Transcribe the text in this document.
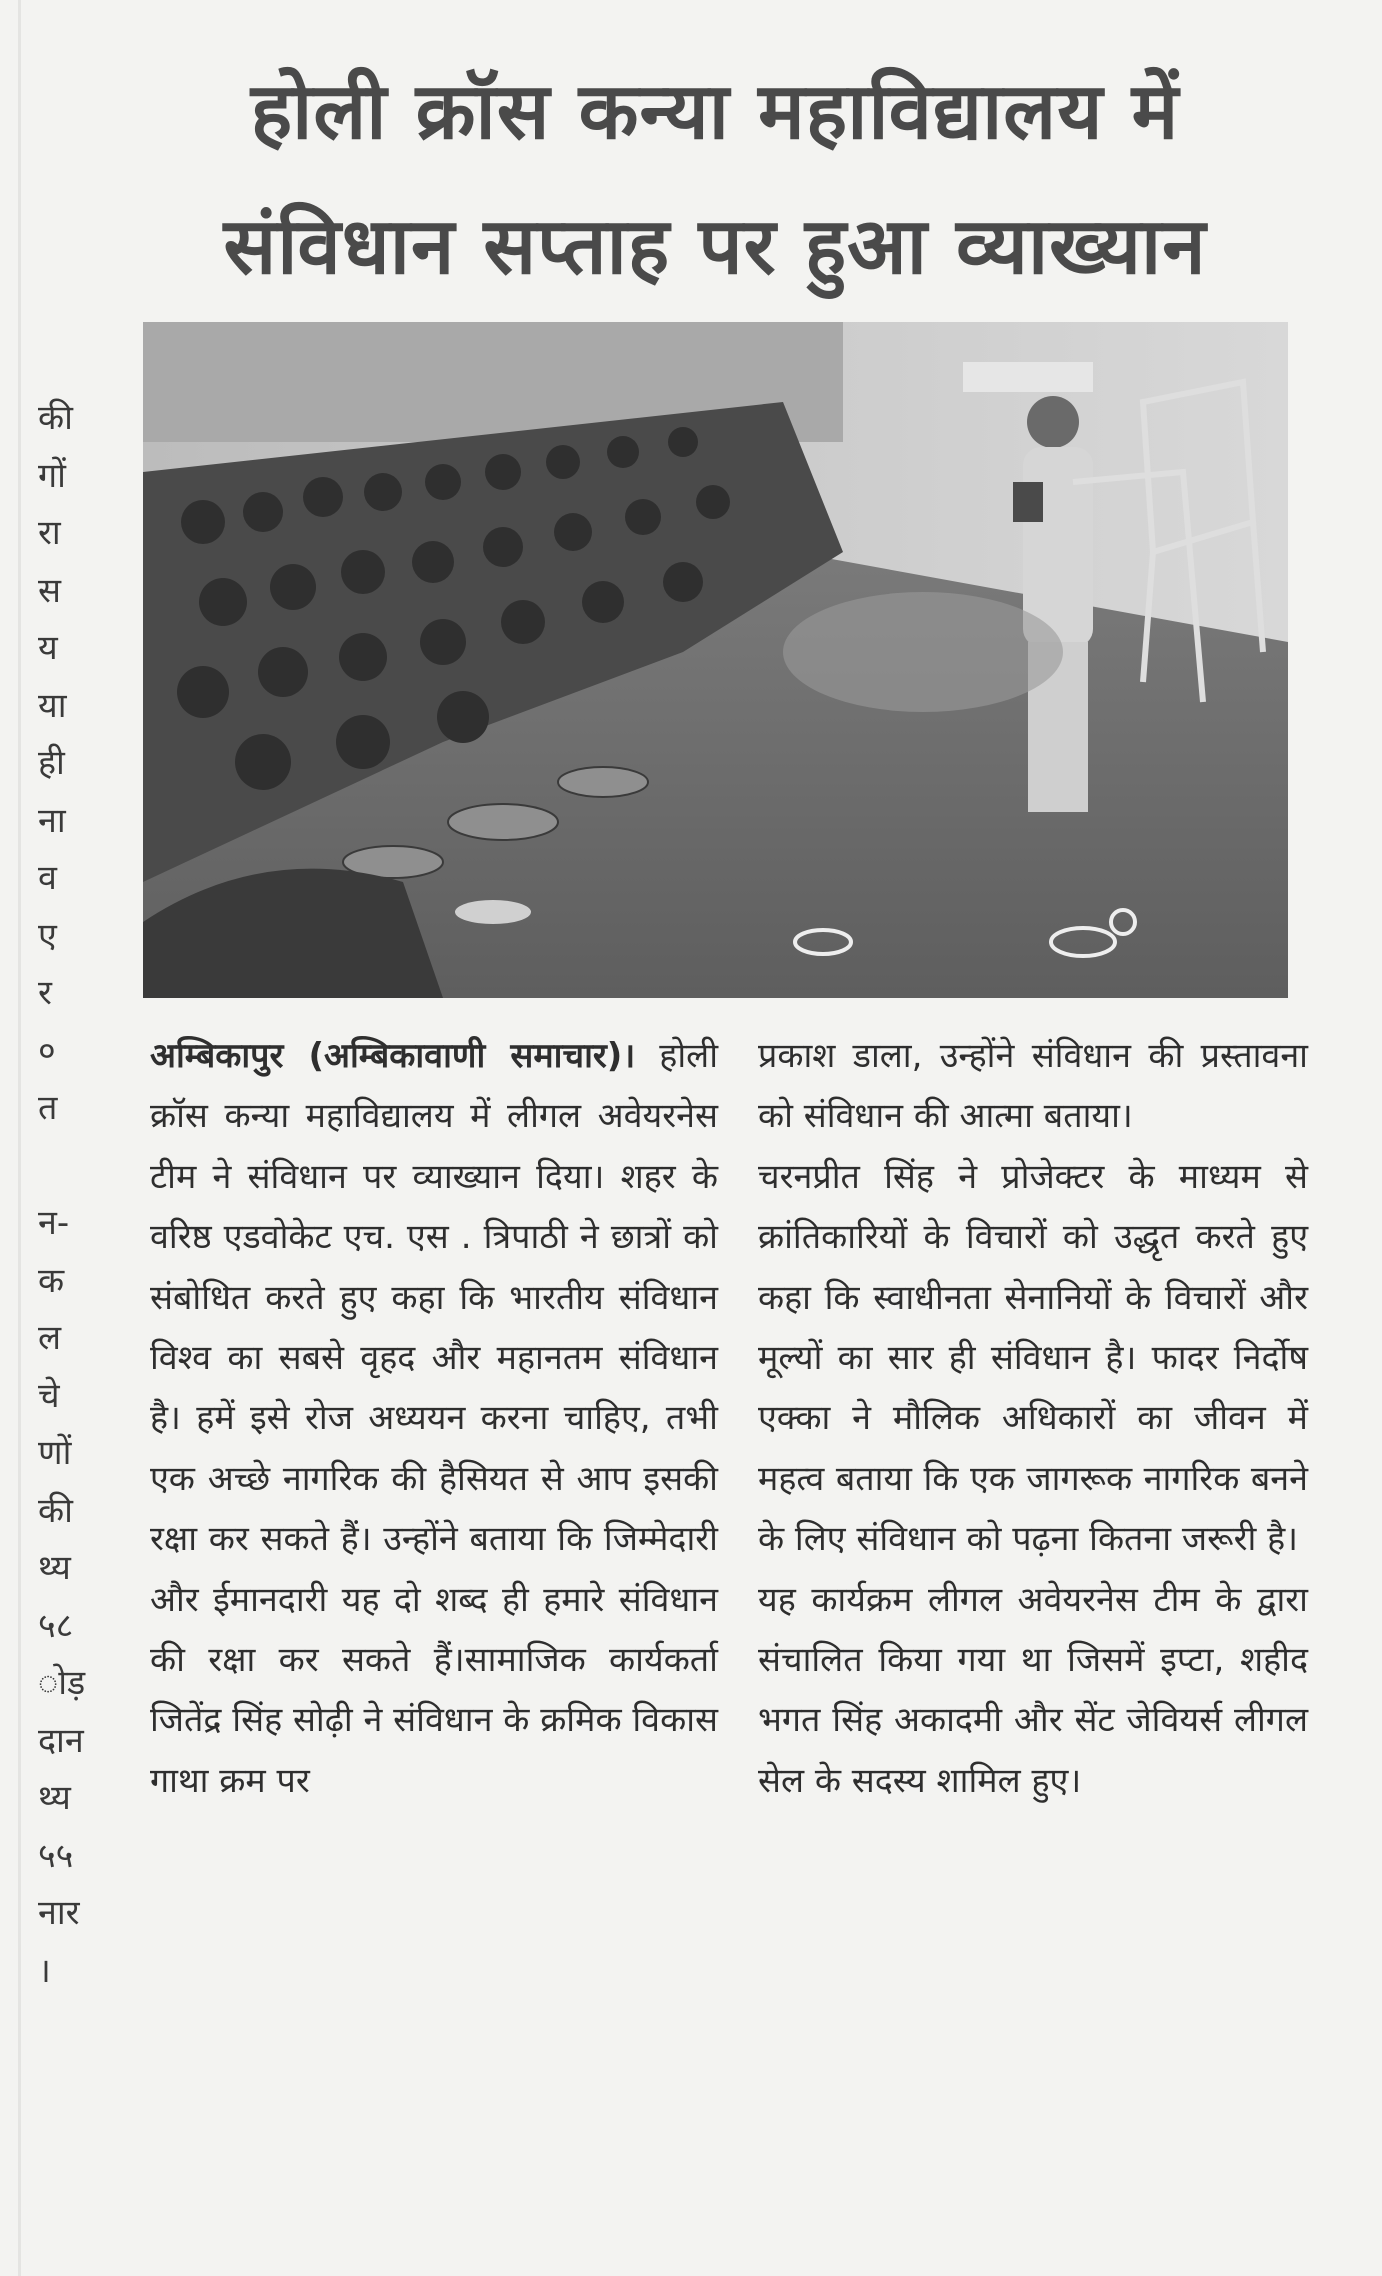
की
गों
रा
स
य
या
ही
ना
व
ए
र
०
त

न-
क
ल
चे
णों
की
थ्य
५८
ोड़
दान
थ्य
५५
नार
।
होली क्रॉस कन्या महाविद्यालय में
संविधान सप्ताह पर हुआ व्याख्यान

अम्बिकापुर (अम्बिकावाणी समाचार)। होली क्रॉस कन्या महाविद्यालय में लीगल अवेयरनेस टीम ने संविधान पर व्याख्यान दिया। शहर के वरिष्ठ एडवोकेट एच. एस . त्रिपाठी ने छात्रों को संबोधित करते हुए कहा कि भारतीय संविधान विश्व का सबसे वृहद और महानतम संविधान है। हमें इसे रोज अध्ययन करना चाहिए, तभी एक अच्छे नागरिक की हैसियत से आप इसकी रक्षा कर सकते हैं। उन्होंने बताया कि जिम्मेदारी और ईमानदारी यह दो शब्द ही हमारे संविधान की रक्षा कर सकते हैं।सामाजिक कार्यकर्ता जितेंद्र सिंह सोढ़ी ने संविधान के क्रमिक विकास गाथा क्रम पर

प्रकाश डाला, उन्होंने संविधान की प्रस्तावना को संविधान की आत्मा बताया।

चरनप्रीत सिंह ने प्रोजेक्टर के माध्यम से क्रांतिकारियों के विचारों को उद्धृत करते हुए कहा कि स्वाधीनता सेनानियों के विचारों और मूल्यों का सार ही संविधान है। फादर निर्दोष एक्का ने मौलिक अधिकारों का जीवन में महत्व बताया कि एक जागरूक नागरिक बनने के लिए संविधान को पढ़ना कितना जरूरी है।

यह कार्यक्रम लीगल अवेयरनेस टीम के द्वारा संचालित किया गया था जिसमें इप्टा, शहीद भगत सिंह अकादमी और सेंट जेवियर्स लीगल सेल के सदस्य शामिल हुए।
